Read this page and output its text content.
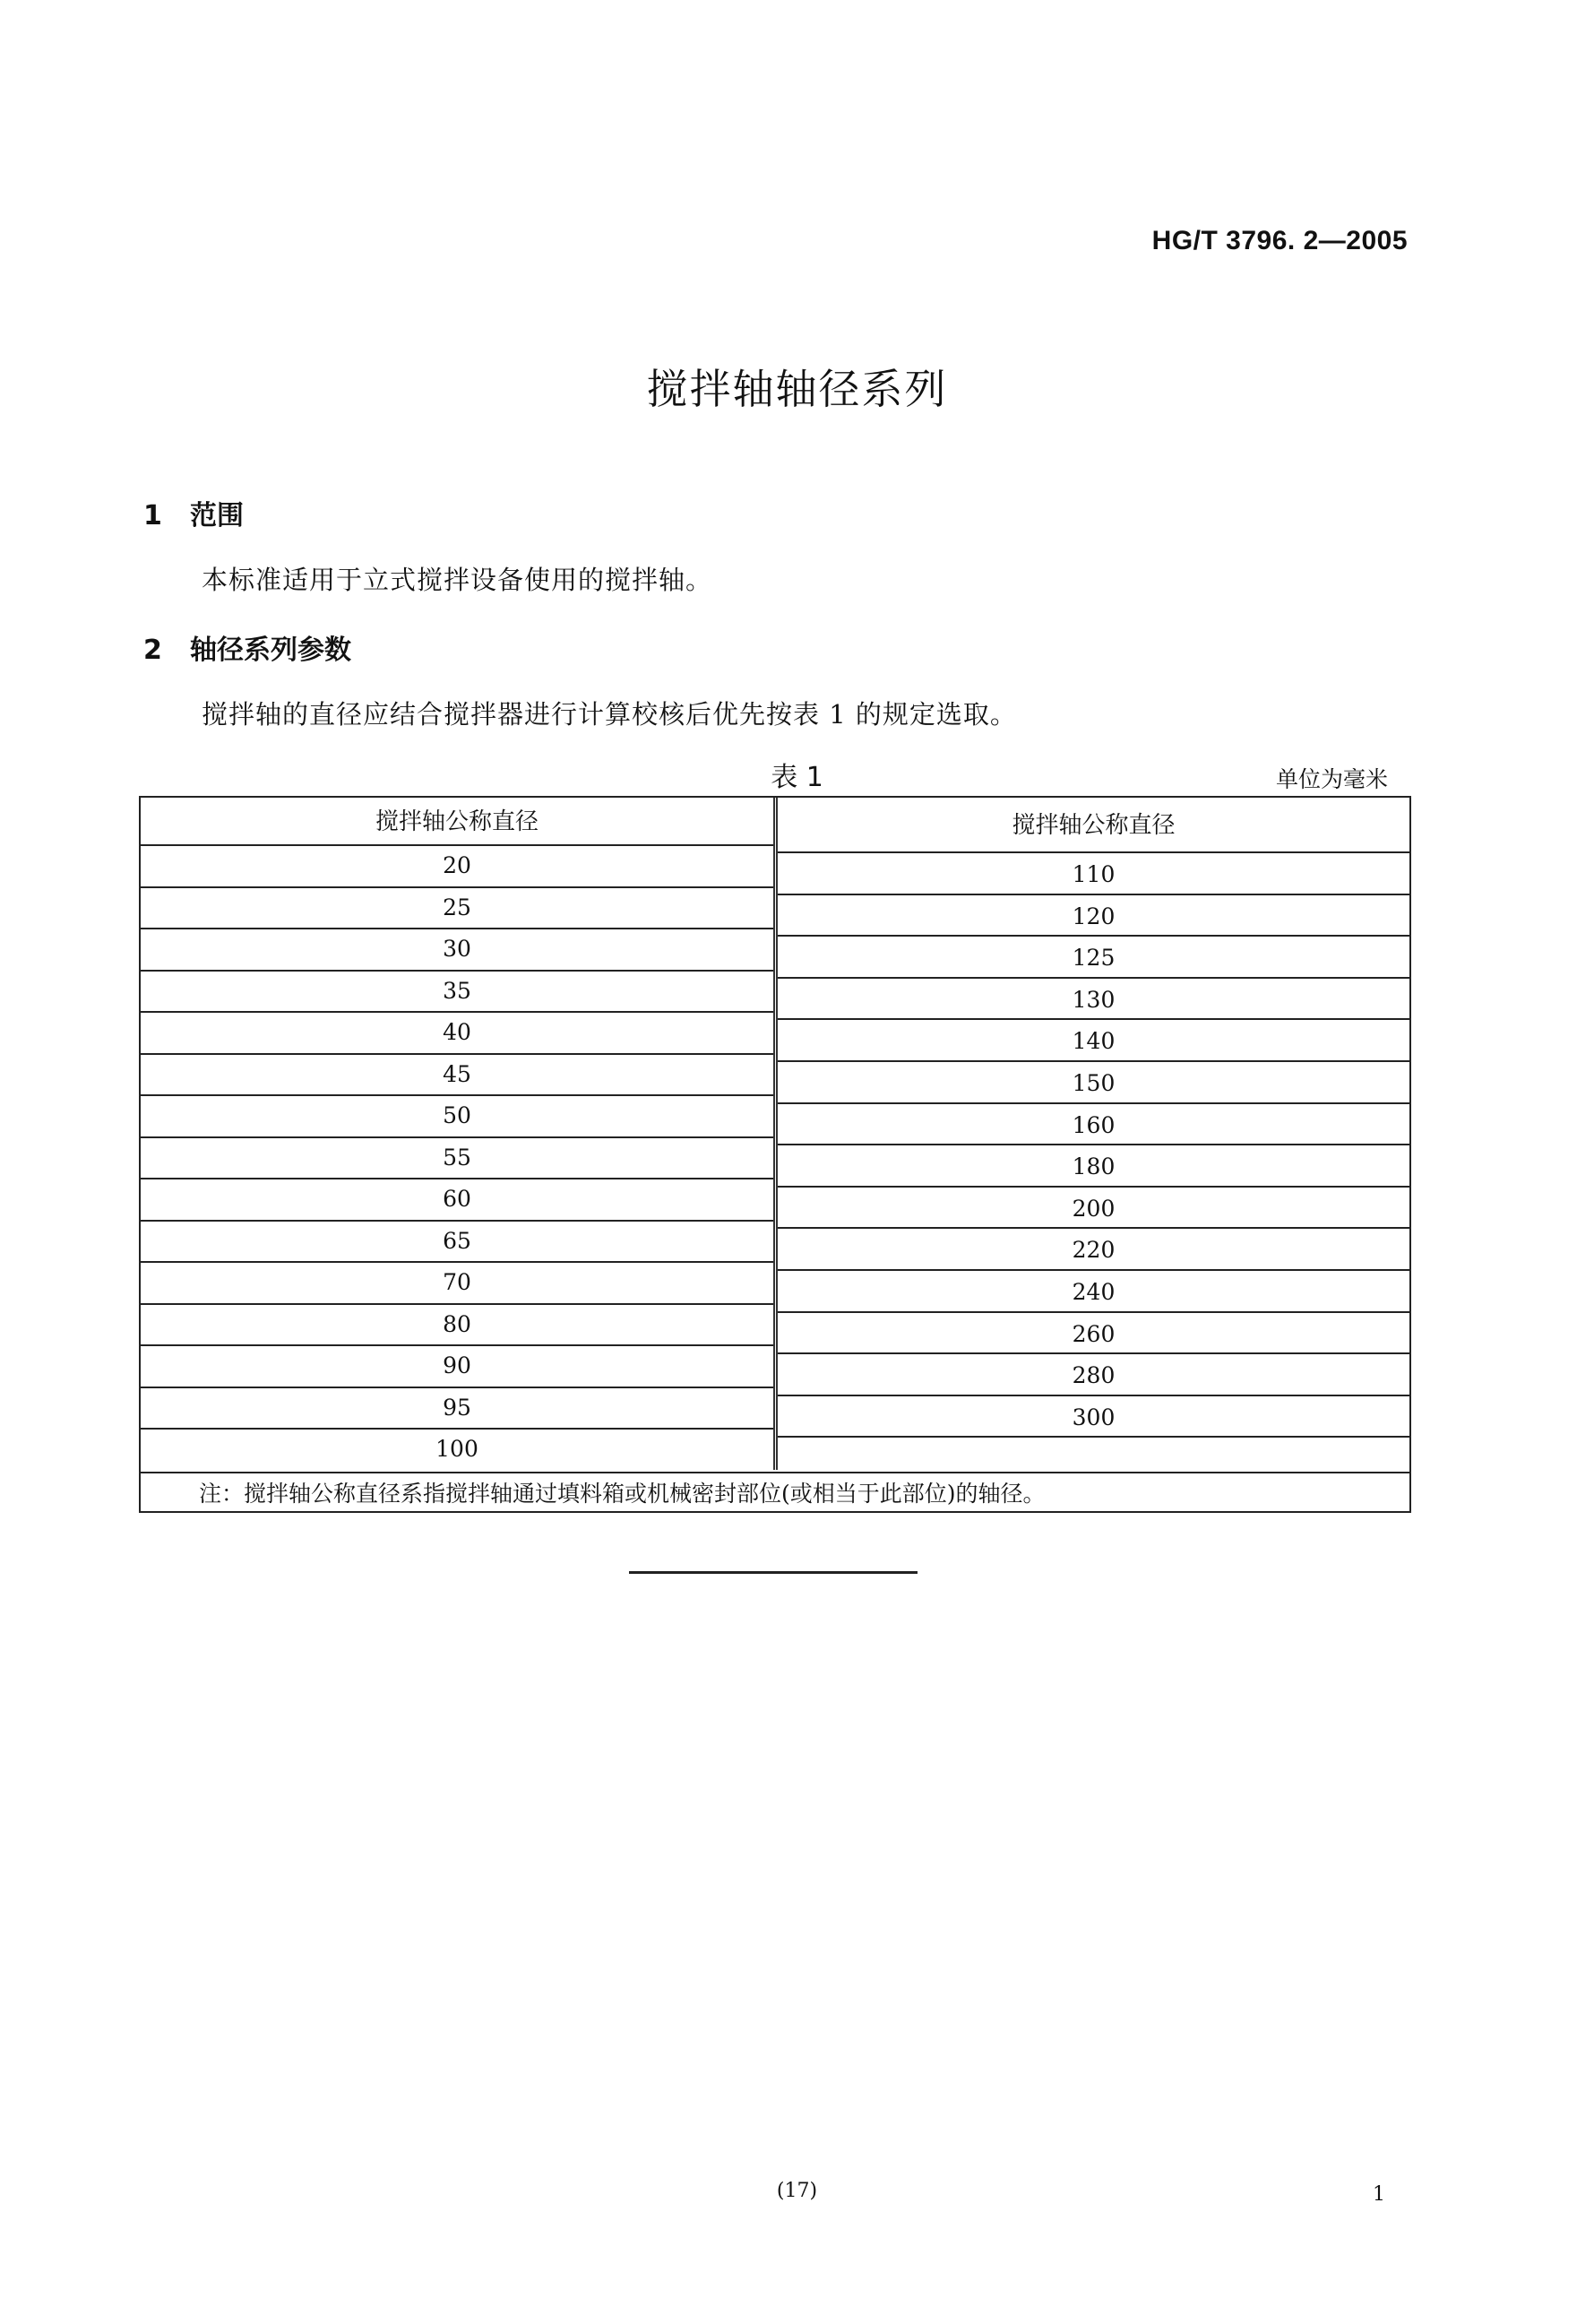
HG/T 3796. 2—2005
搅拌轴轴径系列
1 范围
本标准适用于立式搅拌设备使用的搅拌轴。
2 轴径系列参数
搅拌轴的直径应结合搅拌器进行计算校核后优先按表 1 的规定选取。
表 1	单位为毫米
搅拌轴公称直径
20
25
30
35
40
45
50
55
60
65
70
80
90
95
100
搅拌轴公称直径
110
120
125
130
140
150
160
180
200
220
240
260
280
300
注：搅拌轴公称直径系指搅拌轴通过填料箱或机械密封部位(或相当于此部位)的轴径。
(17)	1
